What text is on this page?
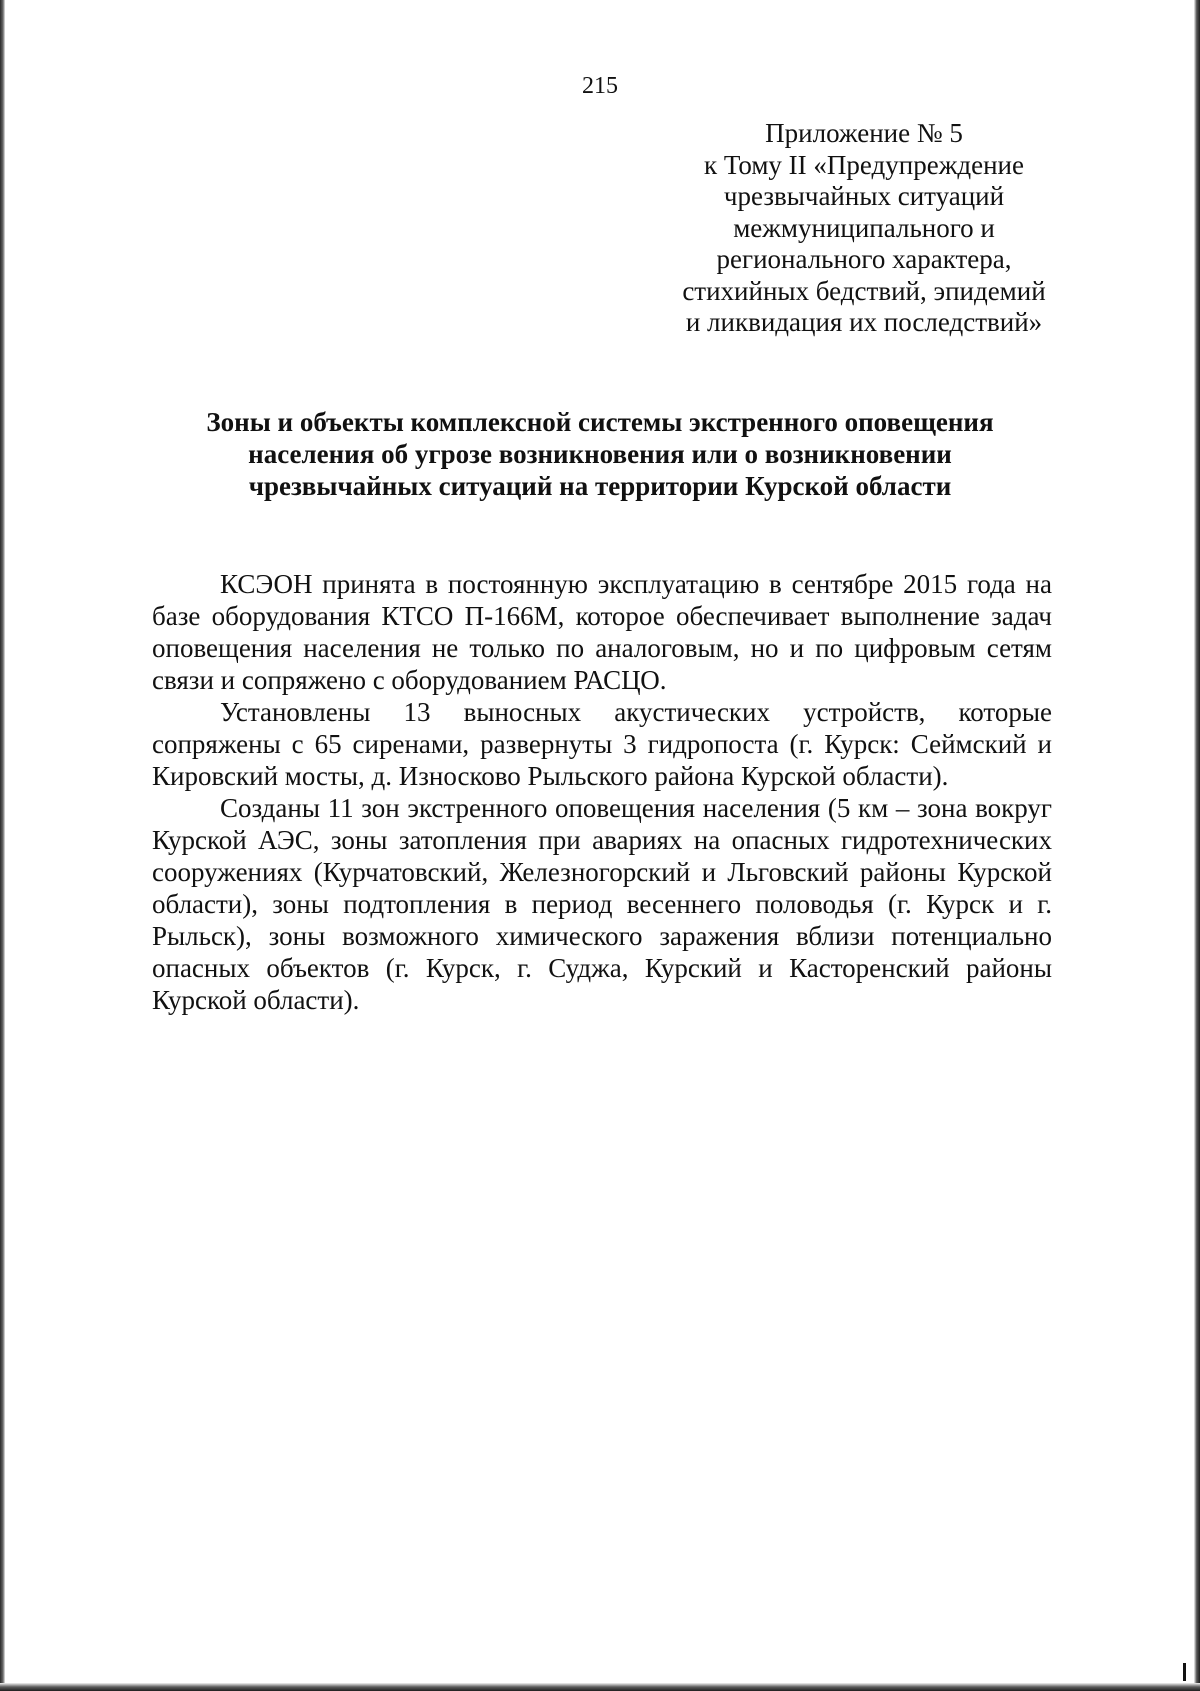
215
Приложение № 5
к Тому II «Предупреждение
чрезвычайных ситуаций
межмуниципального и
регионального характера,
стихийных бедствий, эпидемий
и ликвидация их последствий»
Зоны и объекты комплексной системы экстренного оповещения
населения об угрозе возникновения или о возникновении
чрезвычайных ситуаций на территории Курской области

КСЭОН принята в постоянную эксплуатацию в сентябре 2015 года на базе оборудования КТСО П-166М, которое обеспечивает выполнение задач оповещения населения не только по аналоговым, но и по цифровым сетям связи и сопряжено с оборудованием РАСЦО.

Установлены 13 выносных акустических устройств, которые сопряжены с 65 сиренами, развернуты 3 гидропоста (г. Курск: Сеймский и Кировский мосты, д. Износково Рыльского района Курской области).

Созданы 11 зон экстренного оповещения населения (5 км – зона вокруг Курской АЭС, зоны затопления при авариях на опасных гидротехнических сооружениях (Курчатовский, Железногорский и Льговский районы Курской области), зоны подтопления в период весеннего половодья (г. Курск и г. Рыльск), зоны возможного химического заражения вблизи потенциально опасных объектов (г. Курск, г. Суджа, Курский и Касторенский районы Курской области).
